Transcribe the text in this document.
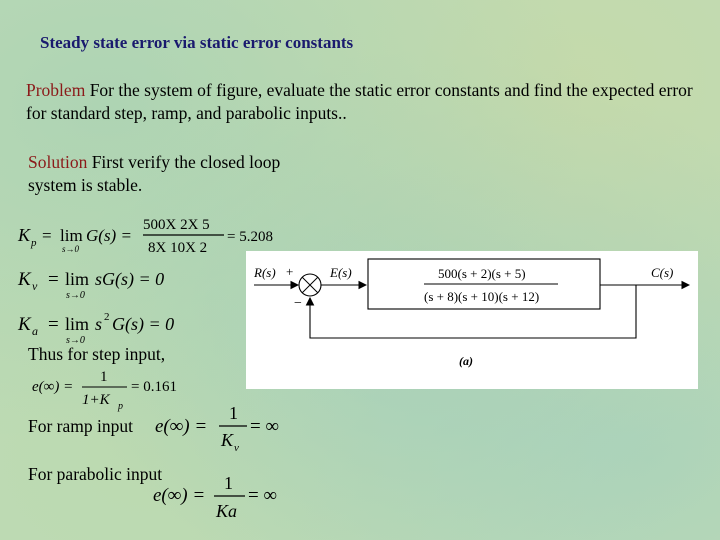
Steady state error via static error constants
Problem For the system of figure, evaluate the static error constants and find the expected error for standard step, ramp, and parabolic inputs..
Solution First verify the closed loop system is stable.
K p = lim
s→0
G(s) =
500X 2X 5
8X 10X 2
= 5.208
K v = lim
s→0
sG(s) = 0
K a = lim
s→0
s 2 G(s) = 0
e(∞) =
1
1+K p
= 0.161
e(∞) =
1
K v
= ∞
e(∞) =
1
Ka
= ∞
Thus for step input,
For ramp input
For parabolic input
R(s) +
−
E(s)	500(s + 2)(s + 5)
(s + 8)(s + 10)(s + 12)
C(s)
(a)
